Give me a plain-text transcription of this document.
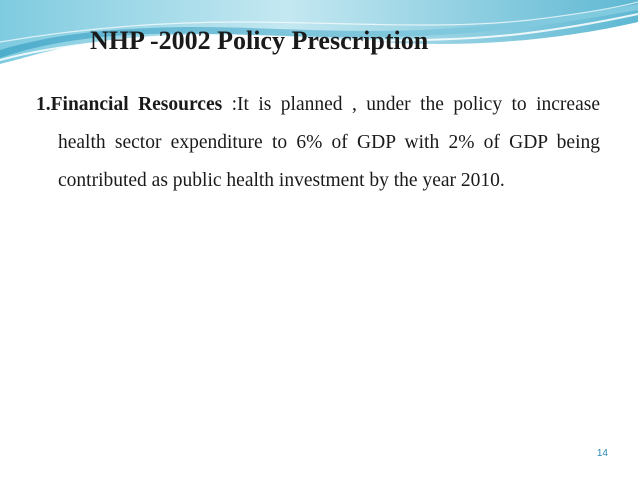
NHP -2002 Policy Prescription

1.Financial Resources :It is planned , under the policy to increase health sector expenditure to 6% of GDP with 2% of GDP being contributed as public health investment by the year 2010.

14
